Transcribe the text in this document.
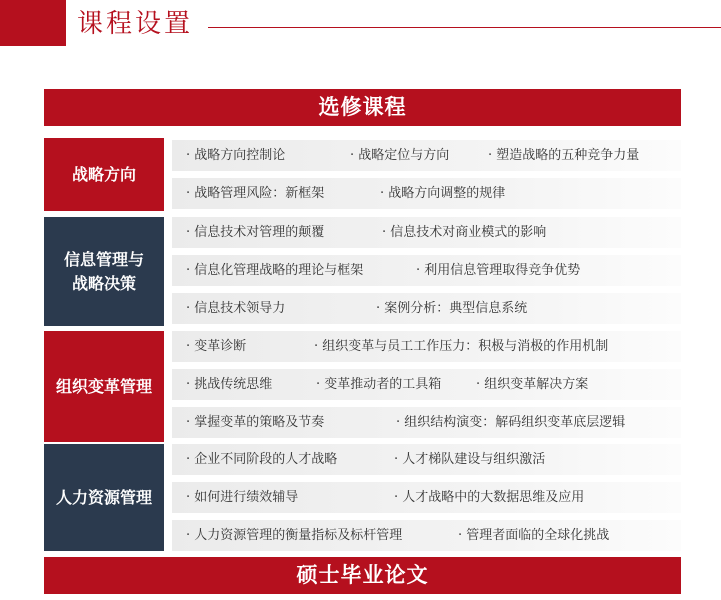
课程设置
选修课程
战略方向
· 战略方向控制论	· 战略定位与方向	· 塑造战略的五种竞争力量
· 战略管理风险：新框架	· 战略方向调整的规律
信息管理与
战略决策
· 信息技术对管理的颠覆	· 信息技术对商业模式的影响
· 信息化管理战略的理论与框架	· 利用信息管理取得竞争优势
· 信息技术领导力	· 案例分析：典型信息系统
组织变革管理
· 变革诊断	· 组织变革与员工工作压力：积极与消极的作用机制
· 挑战传统思维	· 变革推动者的工具箱	· 组织变革解决方案
· 掌握变革的策略及节奏	· 组织结构演变：解码组织变革底层逻辑
人力资源管理
· 企业不同阶段的人才战略	· 人才梯队建设与组织激活
· 如何进行绩效辅导	· 人才战略中的大数据思维及应用
· 人力资源管理的衡量指标及标杆管理	· 管理者面临的全球化挑战
硕士毕业论文
